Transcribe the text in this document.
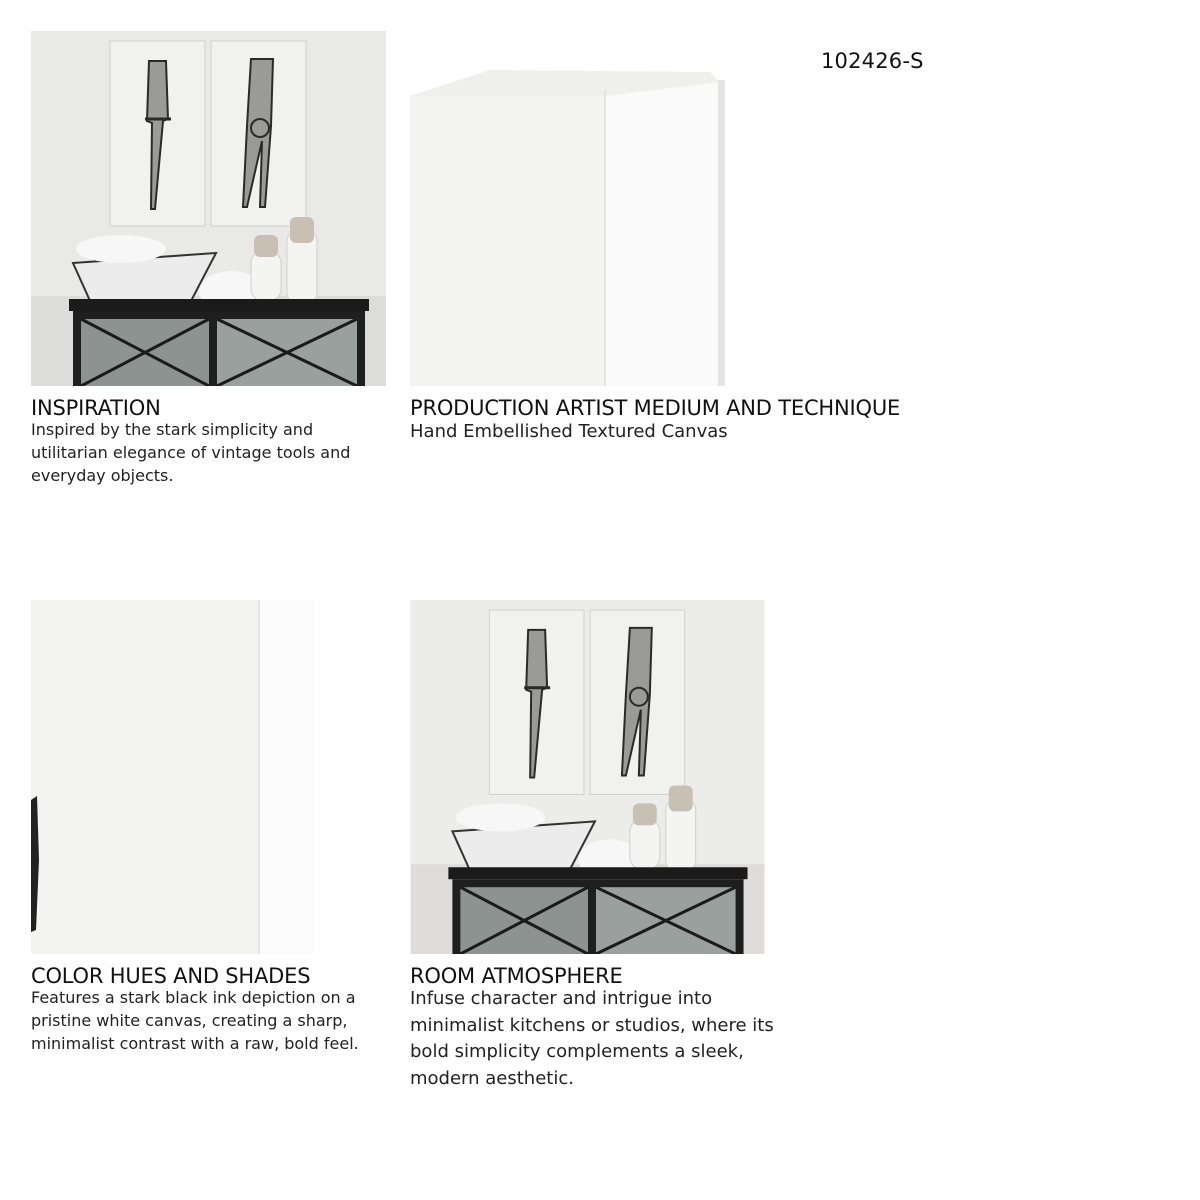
102426-S
INSPIRATION
Inspired by the stark simplicity and utilitarian elegance of vintage tools and everyday objects.
PRODUCTION ARTIST MEDIUM AND TECHNIQUE
Hand Embellished Textured Canvas
COLOR HUES AND SHADES
Features a stark black ink depiction on a pristine white canvas, creating a sharp, minimalist contrast with a raw, bold feel.
ROOM ATMOSPHERE
Infuse character and intrigue into minimalist kitchens or studios, where its bold simplicity complements a sleek, modern aesthetic.
